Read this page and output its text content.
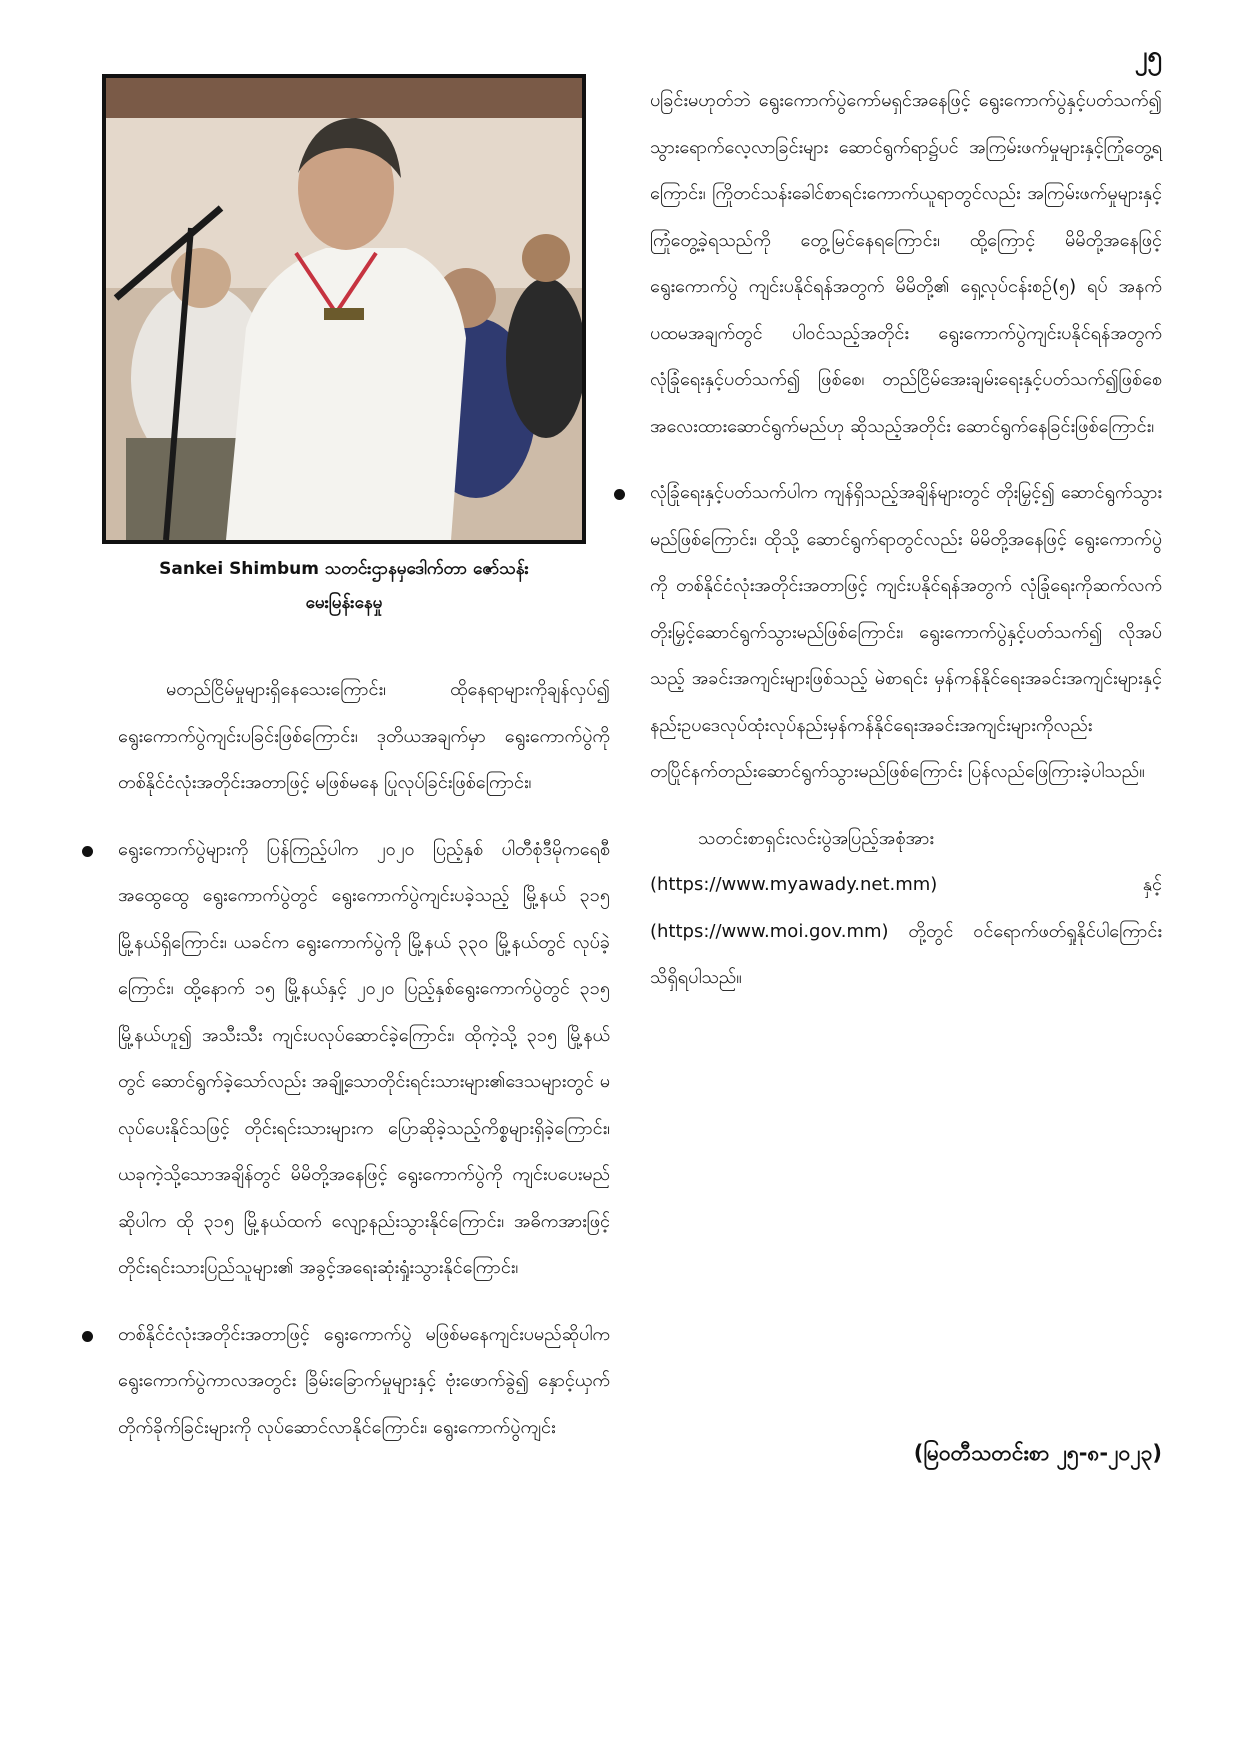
၂၅
Sankei Shimbum သတင်းဌာနမှဒေါက်တာ ဇော်သန်း
မေးမြန်းနေမှု

မတည်ငြိမ်မှုများရှိနေသေးကြောင်း၊ ထိုနေရာများကိုချန်လှပ်၍ ရွေးကောက်ပွဲကျင်းပခြင်းဖြစ်ကြောင်း၊ ဒုတိယအချက်မှာ ရွေးကောက်ပွဲကို တစ်နိုင်ငံလုံးအတိုင်းအတာဖြင့် မဖြစ်မနေ ပြုလုပ်ခြင်းဖြစ်ကြောင်း၊

ရွေးကောက်ပွဲများကို ပြန်ကြည့်ပါက ၂၀၂၀ ပြည့်နှစ် ပါတီစုံဒီမိုကရေစီ အထွေထွေ ရွေးကောက်ပွဲတွင် ရွေးကောက်ပွဲကျင်းပခဲ့သည့် မြို့နယ် ၃၁၅ မြို့နယ်ရှိကြောင်း၊ ယခင်က ရွေးကောက်ပွဲကို မြို့နယ် ၃၃၀ မြို့နယ်တွင် လုပ်ခဲ့ကြောင်း၊ ထို့နောက် ၁၅ မြို့နယ်နှင့် ၂၀၂၀ ပြည့်နှစ်ရွေးကောက်ပွဲတွင် ၃၁၅ မြို့နယ်ဟူ၍ အသီးသီး ကျင်းပလုပ်ဆောင်ခဲ့ကြောင်း၊ ထိုကဲ့သို့ ၃၁၅ မြို့နယ်တွင် ဆောင်ရွက်ခဲ့သော်လည်း အချို့သောတိုင်းရင်းသားများ၏ဒေသများတွင် မလုပ်ပေးနိုင်သဖြင့် တိုင်းရင်းသားများက ပြောဆိုခဲ့သည့်ကိစ္စများရှိခဲ့ကြောင်း၊ ယခုကဲ့သို့သောအချိန်တွင် မိမိတို့အနေဖြင့် ရွေးကောက်ပွဲကို ကျင်းပပေးမည်ဆိုပါက ထို ၃၁၅ မြို့နယ်ထက် လျော့နည်းသွားနိုင်ကြောင်း၊ အဓိကအားဖြင့် တိုင်းရင်းသားပြည်သူများ၏ အခွင့်အရေးဆုံးရှုံးသွားနိုင်ကြောင်း၊

တစ်နိုင်ငံလုံးအတိုင်းအတာဖြင့် ရွေးကောက်ပွဲ မဖြစ်မနေကျင်းပမည်ဆိုပါက ရွေးကောက်ပွဲကာလအတွင်း ခြိမ်းခြောက်မှုများနှင့် ဗုံးဖောက်ခွဲ၍ နှောင့်ယှက်တိုက်ခိုက်ခြင်းများကို လုပ်ဆောင်လာနိုင်ကြောင်း၊ ရွေးကောက်ပွဲကျင်း

ပခြင်းမဟုတ်ဘဲ ရွေးကောက်ပွဲကော်မရှင်အနေဖြင့် ရွေးကောက်ပွဲနှင့်ပတ်သက်၍ သွားရောက်လေ့လာခြင်းများ ဆောင်ရွက်ရာ၌ပင် အကြမ်းဖက်မှုများနှင့်ကြုံတွေ့ရကြောင်း၊ ကြိုတင်သန်းခေါင်စာရင်းကောက်ယူရာတွင်လည်း အကြမ်းဖက်မှုများနှင့် ကြုံတွေ့ခဲ့ရသည်ကို တွေ့မြင်နေရကြောင်း၊ ထို့ကြောင့် မိမိတို့အနေဖြင့် ရွေးကောက်ပွဲ ကျင်းပနိုင်ရန်အတွက် မိမိတို့၏ ရှေ့လုပ်ငန်းစဉ်(၅) ရပ် အနက် ပထမအချက်တွင် ပါဝင်သည့်အတိုင်း ရွေးကောက်ပွဲကျင်းပနိုင်ရန်အတွက် လုံခြုံရေးနှင့်ပတ်သက်၍ ဖြစ်စေ၊ တည်ငြိမ်အေးချမ်းရေးနှင့်ပတ်သက်၍ဖြစ်စေ အလေးထားဆောင်ရွက်မည်ဟု ဆိုသည့်အတိုင်း ဆောင်ရွက်နေခြင်းဖြစ်ကြောင်း၊

လုံခြုံရေးနှင့်ပတ်သက်ပါက ကျန်ရှိသည့်အချိန်များတွင် တိုးမြှင့်၍ ဆောင်ရွက်သွားမည်ဖြစ်ကြောင်း၊ ထိုသို့ ဆောင်ရွက်ရာတွင်လည်း မိမိတို့အနေဖြင့် ရွေးကောက်ပွဲကို တစ်နိုင်ငံလုံးအတိုင်းအတာဖြင့် ကျင်းပနိုင်ရန်အတွက် လုံခြုံရေးကိုဆက်လက် တိုးမြှင့်ဆောင်ရွက်သွားမည်ဖြစ်ကြောင်း၊ ရွေးကောက်ပွဲနှင့်ပတ်သက်၍ လိုအပ်သည့် အခင်းအကျင်းများဖြစ်သည့် မဲစာရင်း မှန်ကန်နိုင်ရေးအခင်းအကျင်းများနှင့် နည်းဥပဒေလုပ်ထုံးလုပ်နည်းမှန်ကန်နိုင်ရေးအခင်းအကျင်းများကိုလည်း တပြိုင်နက်တည်းဆောင်ရွက်သွားမည်ဖြစ်ကြောင်း ပြန်လည်ဖြေကြားခဲ့ပါသည်။

သတင်းစာရှင်းလင်းပွဲအပြည့်အစုံအား (https://www.myawady.net.mm) နှင့် (https://www.moi.gov.mm) တို့တွင် ဝင်ရောက်ဖတ်ရှုနိုင်ပါကြောင်း သိရှိရပါသည်။

(မြဝတီသတင်းစာ ၂၅-၈-၂၀၂၃)
